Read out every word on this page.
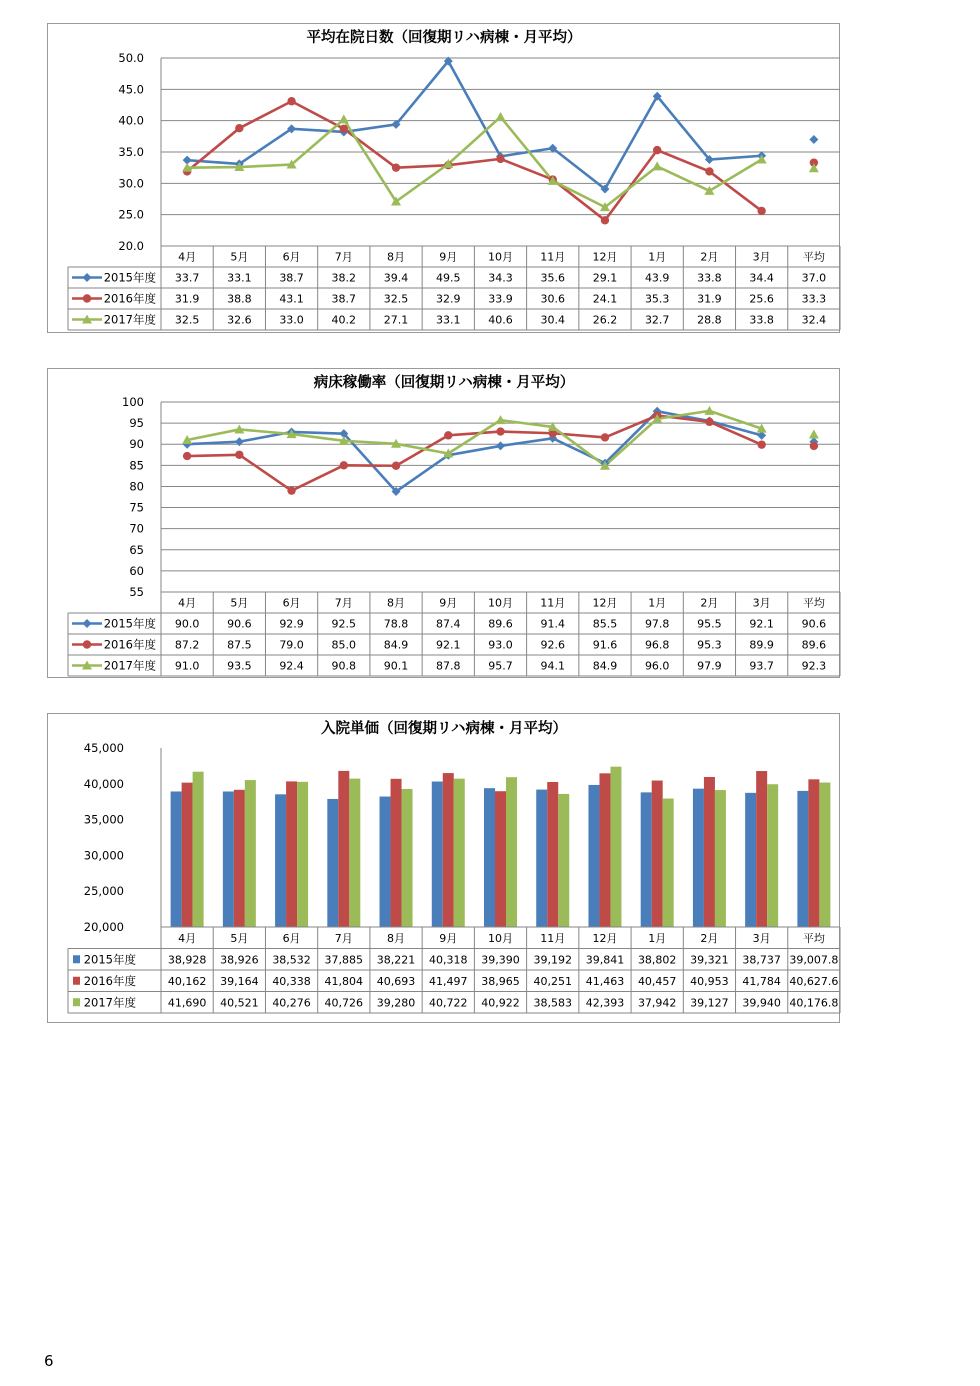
平均在院日数（回復期リハ病棟・月平均）
20.0
25.0
30.0
35.0
40.0
45.0
50.0
4月	5月	6月	7月	8月	9月	10月 11月 12月	1月	2月	3月	平均
2015年度 33.7	33.1	38.7	38.2	39.4	49.5	34.3	35.6	29.1	43.9	33.8	34.4	37.0
2016年度 31.9	38.8	43.1	38.7	32.5	32.9	33.9	30.6	24.1	35.3	31.9	25.6	33.3
2017年度 32.5	32.6	33.0	40.2	27.1	33.1	40.6	30.4	26.2	32.7	28.8	33.8	32.4
病床稼働率（回復期リハ病棟・月平均）
55
60
65
70
75
80
85
90
95
100
4月	5月	6月	7月	8月	9月	10月 11月 12月	1月	2月	3月	平均
2015年度 90.0	90.6	92.9	92.5	78.8	87.4	89.6	91.4	85.5	97.8	95.5	92.1	90.6
2016年度 87.2	87.5	79.0	85.0	84.9	92.1	93.0	92.6	91.6	96.8	95.3	89.9	89.6
2017年度 91.0	93.5	92.4	90.8	90.1	87.8	95.7	94.1	84.9	96.0	97.9	93.7	92.3
入院単価（回復期リハ病棟・月平均）
20,000
25,000
30,000
35,000
40,000
45,000
4月	5月	6月	7月	8月	9月	10月 11月 12月	1月	2月	3月	平均
2015年度	38,928 38,926 38,532 37,885 38,221 40,318 39,390 39,192 39,841 38,802 39,321 38,737 39,007.8
2016年度	40,162 39,164 40,338 41,804 40,693 41,497 38,965 40,251 41,463 40,457 40,953 41,784 40,627.6
2017年度	41,690 40,521 40,276 40,726 39,280 40,722 40,922 38,583 42,393 37,942 39,127 39,940 40,176.8
6
